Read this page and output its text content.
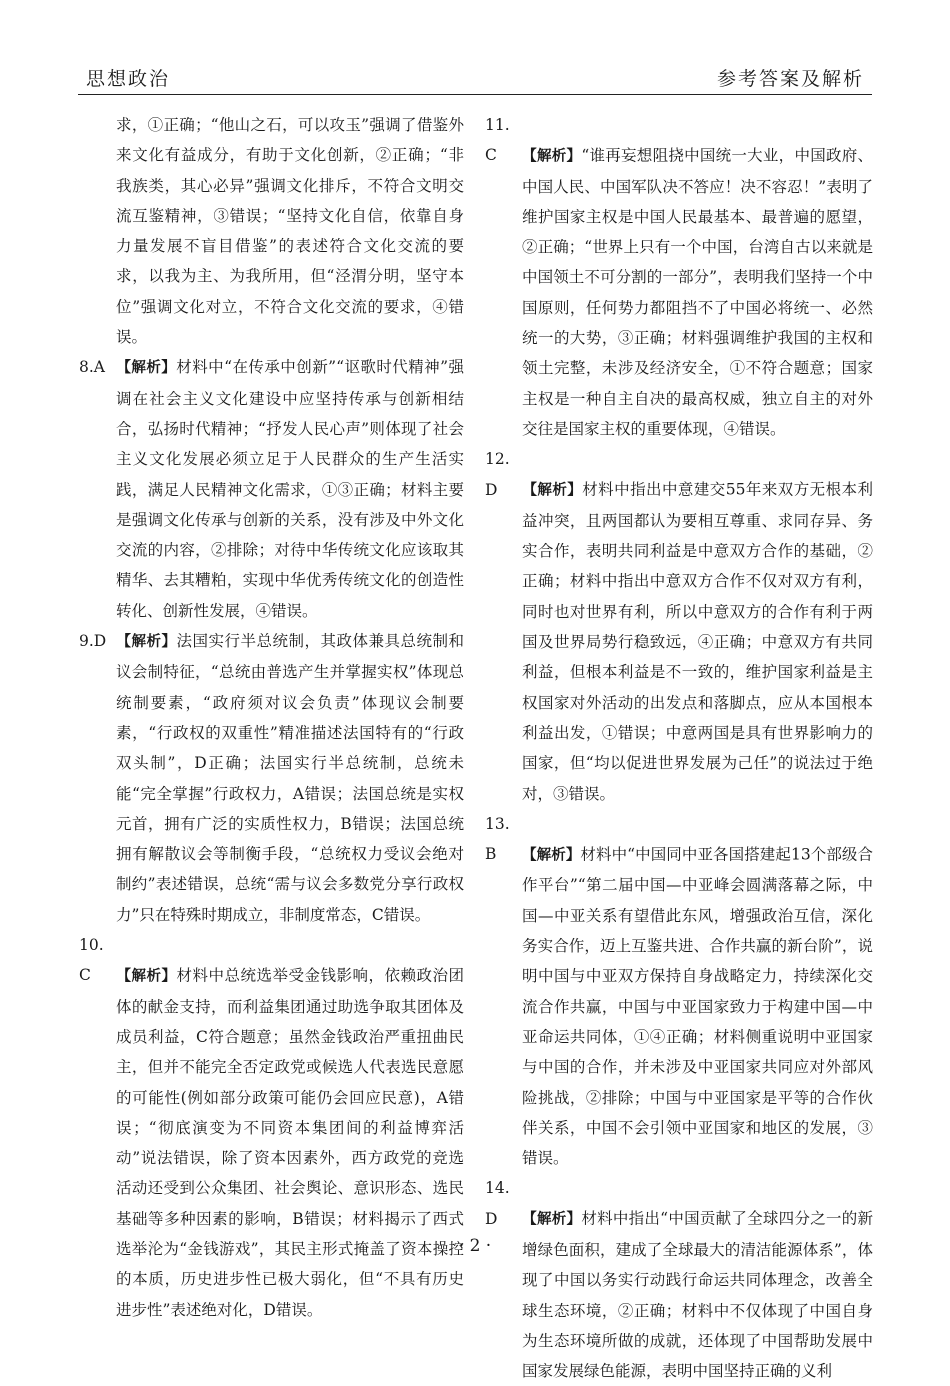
思想政治	参考答案及解析

求，①正确；“他山之石，可以攻玉”强调了借鉴外来文化有益成分，有助于文化创新，②正确；“非我族类，其心必异”强调文化排斥，不符合文明交流互鉴精神，③错误；“坚持文化自信，依靠自身力量发展不盲目借鉴”的表述符合文化交流的要求，以我为主、为我所用，但“泾渭分明，坚守本位”强调文化对立，不符合文化交流的要求，④错误。

8.A 【解析】材料中“在传承中创新”“讴歌时代精神”强调在社会主义文化建设中应坚持传承与创新相结合，弘扬时代精神；“抒发人民心声”则体现了社会主义文化发展必须立足于人民群众的生产生活实践，满足人民精神文化需求，①③正确；材料主要是强调文化传承与创新的关系，没有涉及中外文化交流的内容，②排除；对待中华传统文化应该取其精华、去其糟粕，实现中华优秀传统文化的创造性转化、创新性发展，④错误。

9.D 【解析】法国实行半总统制，其政体兼具总统制和议会制特征，“总统由普选产生并掌握实权”体现总统制要素，“政府须对议会负责”体现议会制要素，“行政权的双重性”精准描述法国特有的“行政双头制”，D正确；法国实行半总统制，总统未能“完全掌握”行政权力，A错误；法国总统是实权元首，拥有广泛的实质性权力，B错误；法国总统拥有解散议会等制衡手段，“总统权力受议会绝对制约”表述错误，总统“需与议会多数党分享行政权力”只在特殊时期成立，非制度常态，C错误。

10.C 【解析】材料中总统选举受金钱影响，依赖政治团体的献金支持，而利益集团通过助选争取其团体及成员利益，C符合题意；虽然金钱政治严重扭曲民主，但并不能完全否定政党或候选人代表选民意愿的可能性(例如部分政策可能仍会回应民意)，A错误；“彻底演变为不同资本集团间的利益博弈活动”说法错误，除了资本因素外，西方政党的竞选活动还受到公众集团、社会舆论、意识形态、选民基础等多种因素的影响，B错误；材料揭示了西式选举沦为“金钱游戏”，其民主形式掩盖了资本操控的本质，历史进步性已极大弱化，但“不具有历史进步性”表述绝对化，D错误。

11.C 【解析】“谁再妄想阻挠中国统一大业，中国政府、中国人民、中国军队决不答应！决不容忍！”表明了维护国家主权是中国人民最基本、最普遍的愿望，②正确；“世界上只有一个中国，台湾自古以来就是中国领土不可分割的一部分”，表明我们坚持一个中国原则，任何势力都阻挡不了中国必将统一、必然统一的大势，③正确；材料强调维护我国的主权和领土完整，未涉及经济安全，①不符合题意；国家主权是一种自主自决的最高权威，独立自主的对外交往是国家主权的重要体现，④错误。

12.D 【解析】材料中指出中意建交55年来双方无根本利益冲突，且两国都认为要相互尊重、求同存异、务实合作，表明共同利益是中意双方合作的基础，②正确；材料中指出中意双方合作不仅对双方有利，同时也对世界有利，所以中意双方的合作有利于两国及世界局势行稳致远，④正确；中意双方有共同利益，但根本利益是不一致的，维护国家利益是主权国家对外活动的出发点和落脚点，应从本国根本利益出发，①错误；中意两国是具有世界影响力的国家，但“均以促进世界发展为己任”的说法过于绝对，③错误。

13.B 【解析】材料中“中国同中亚各国搭建起13个部级合作平台”“第二届中国—中亚峰会圆满落幕之际，中国—中亚关系有望借此东风，增强政治互信，深化务实合作，迈上互鉴共进、合作共赢的新台阶”，说明中国与中亚双方保持自身战略定力，持续深化交流合作共赢，中国与中亚国家致力于构建中国—中亚命运共同体，①④正确；材料侧重说明中亚国家与中国的合作，并未涉及中亚国家共同应对外部风险挑战，②排除；中国与中亚国家是平等的合作伙伴关系，中国不会引领中亚国家和地区的发展，③错误。

14.D 【解析】材料中指出“中国贡献了全球四分之一的新增绿色面积，建成了全球最大的清洁能源体系”，体现了中国以务实行动践行命运共同体理念，改善全球生态环境，②正确；材料中不仅体现了中国自身为生态环境所做的成就，还体现了中国帮助发展中国家发展绿色能源，表明中国坚持正确的义利

· 2 ·
